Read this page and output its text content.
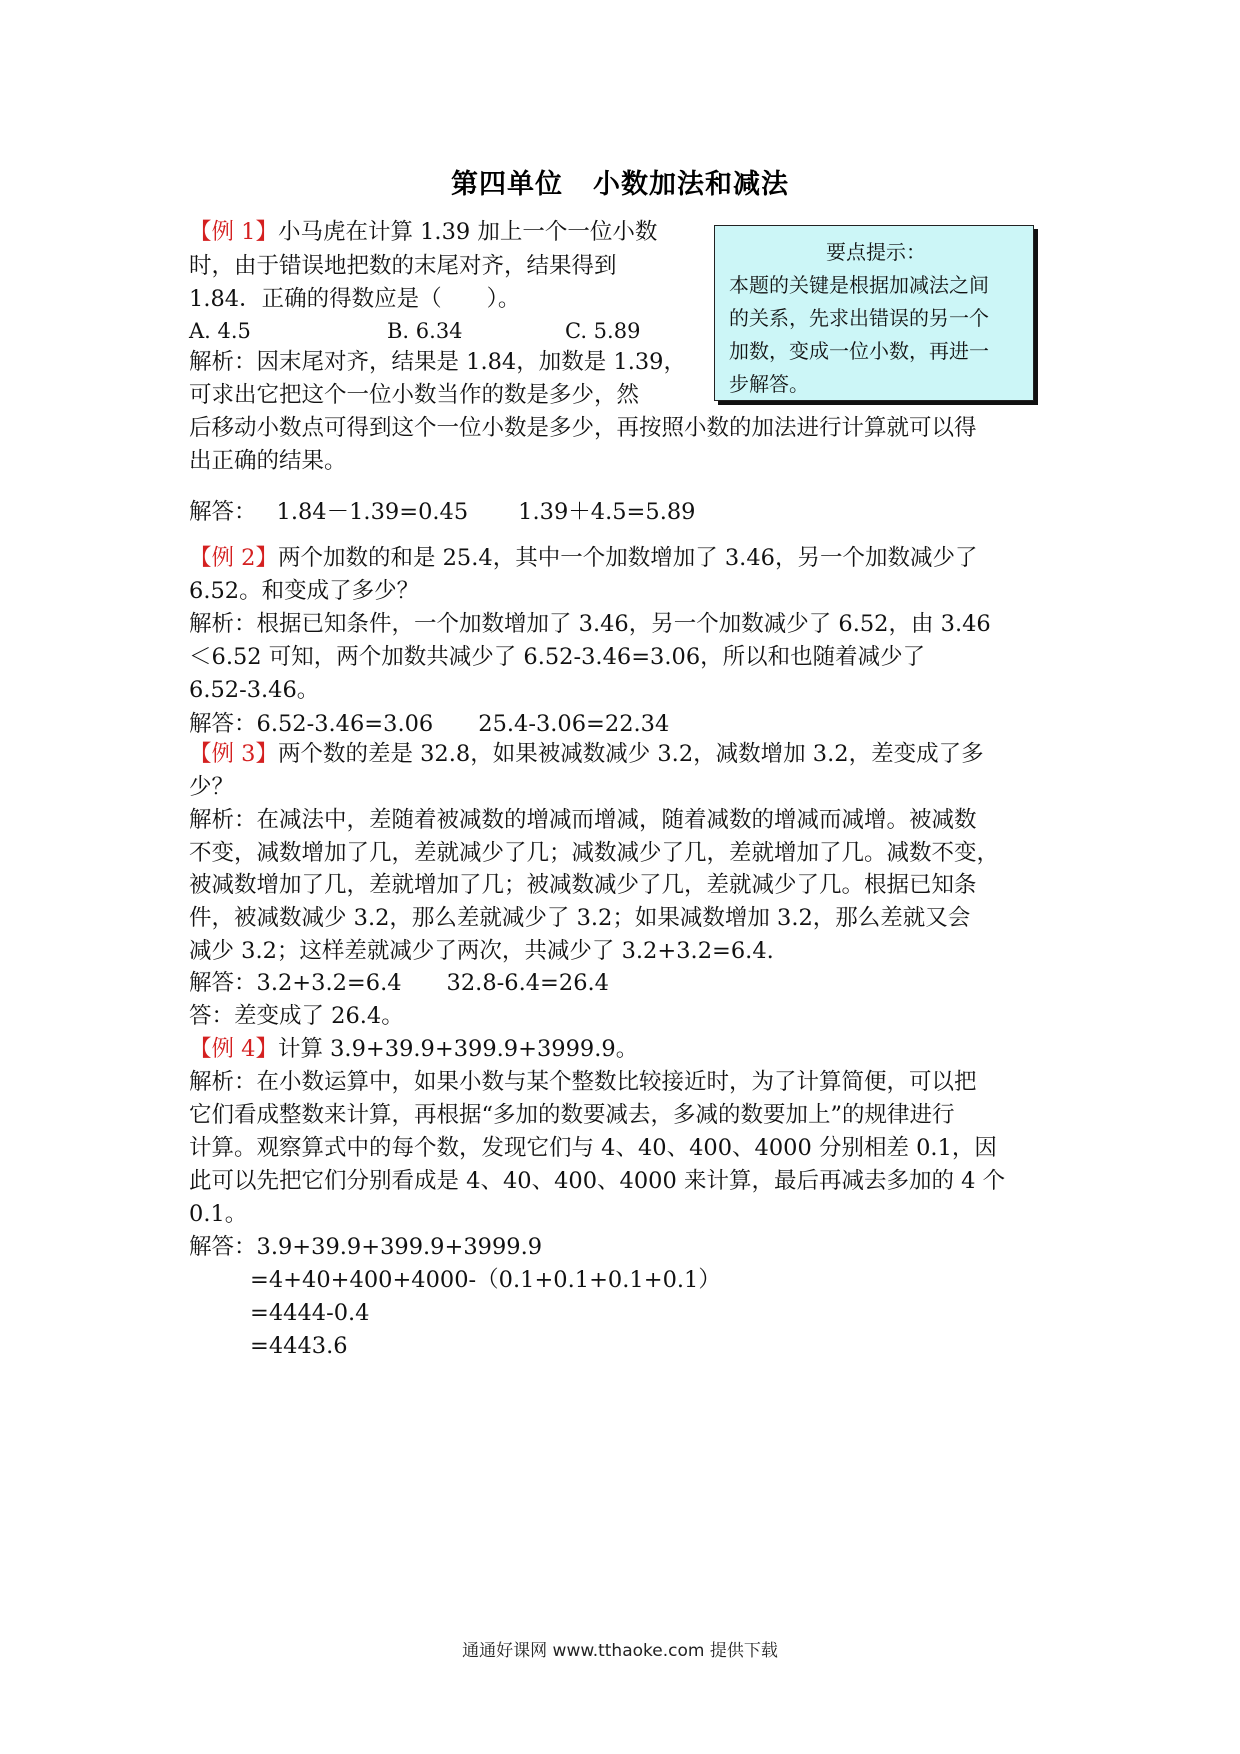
第四单位 小数加法和减法
【例 1】小马虎在计算 1.39 加上一个一位小数
时，由于错误地把数的末尾对齐，结果得到
1.84．正确的得数应是（　　）。
A. 4.5	B. 6.34	C. 5.89
解析：因末尾对齐，结果是 1.84，加数是 1.39，
可求出它把这个一位小数当作的数是多少，然
后移动小数点可得到这个一位小数是多少，再按照小数的加法进行计算就可以得
出正确的结果。
解答： 1.84－1.39=0.45 1.39＋4.5=5.89
要点提示：
本题的关键是根据加减法之间
的关系，先求出错误的另一个
加数，变成一位小数，再进一
步解答。
【例 2】两个加数的和是 25.4，其中一个加数增加了 3.46，另一个加数减少了
6.52。和变成了多少？
解析：根据已知条件，一个加数增加了 3.46，另一个加数减少了 6.52，由 3.46
＜6.52 可知，两个加数共减少了 6.52-3.46=3.06，所以和也随着减少了
6.52-3.46。
解答：6.52-3.46=3.06　　25.4-3.06=22.34
【例 3】两个数的差是 32.8，如果被减数减少 3.2，减数增加 3.2，差变成了多
少？
解析：在减法中，差随着被减数的增减而增减，随着减数的增减而减增。被减数
不变，减数增加了几，差就减少了几；减数减少了几，差就增加了几。减数不变，
被减数增加了几，差就增加了几；被减数减少了几，差就减少了几。根据已知条
件，被减数减少 3.2，那么差就减少了 3.2；如果减数增加 3.2，那么差就又会
减少 3.2；这样差就减少了两次，共减少了 3.2+3.2=6.4.
解答：3.2+3.2=6.4　　32.8-6.4=26.4
答：差变成了 26.4。
【例 4】计算 3.9+39.9+399.9+3999.9。
解析：在小数运算中，如果小数与某个整数比较接近时，为了计算简便，可以把
它们看成整数来计算，再根据“多加的数要减去，多减的数要加上”的规律进行
计算。观察算式中的每个数，发现它们与 4、40、400、4000 分别相差 0.1，因
此可以先把它们分别看成是 4、40、400、4000 来计算，最后再减去多加的 4 个
0.1。
解答：3.9+39.9+399.9+3999.9
=4+40+400+4000-（0.1+0.1+0.1+0.1）
=4444-0.4
=4443.6
通通好课网 www.tthaoke.com 提供下载
